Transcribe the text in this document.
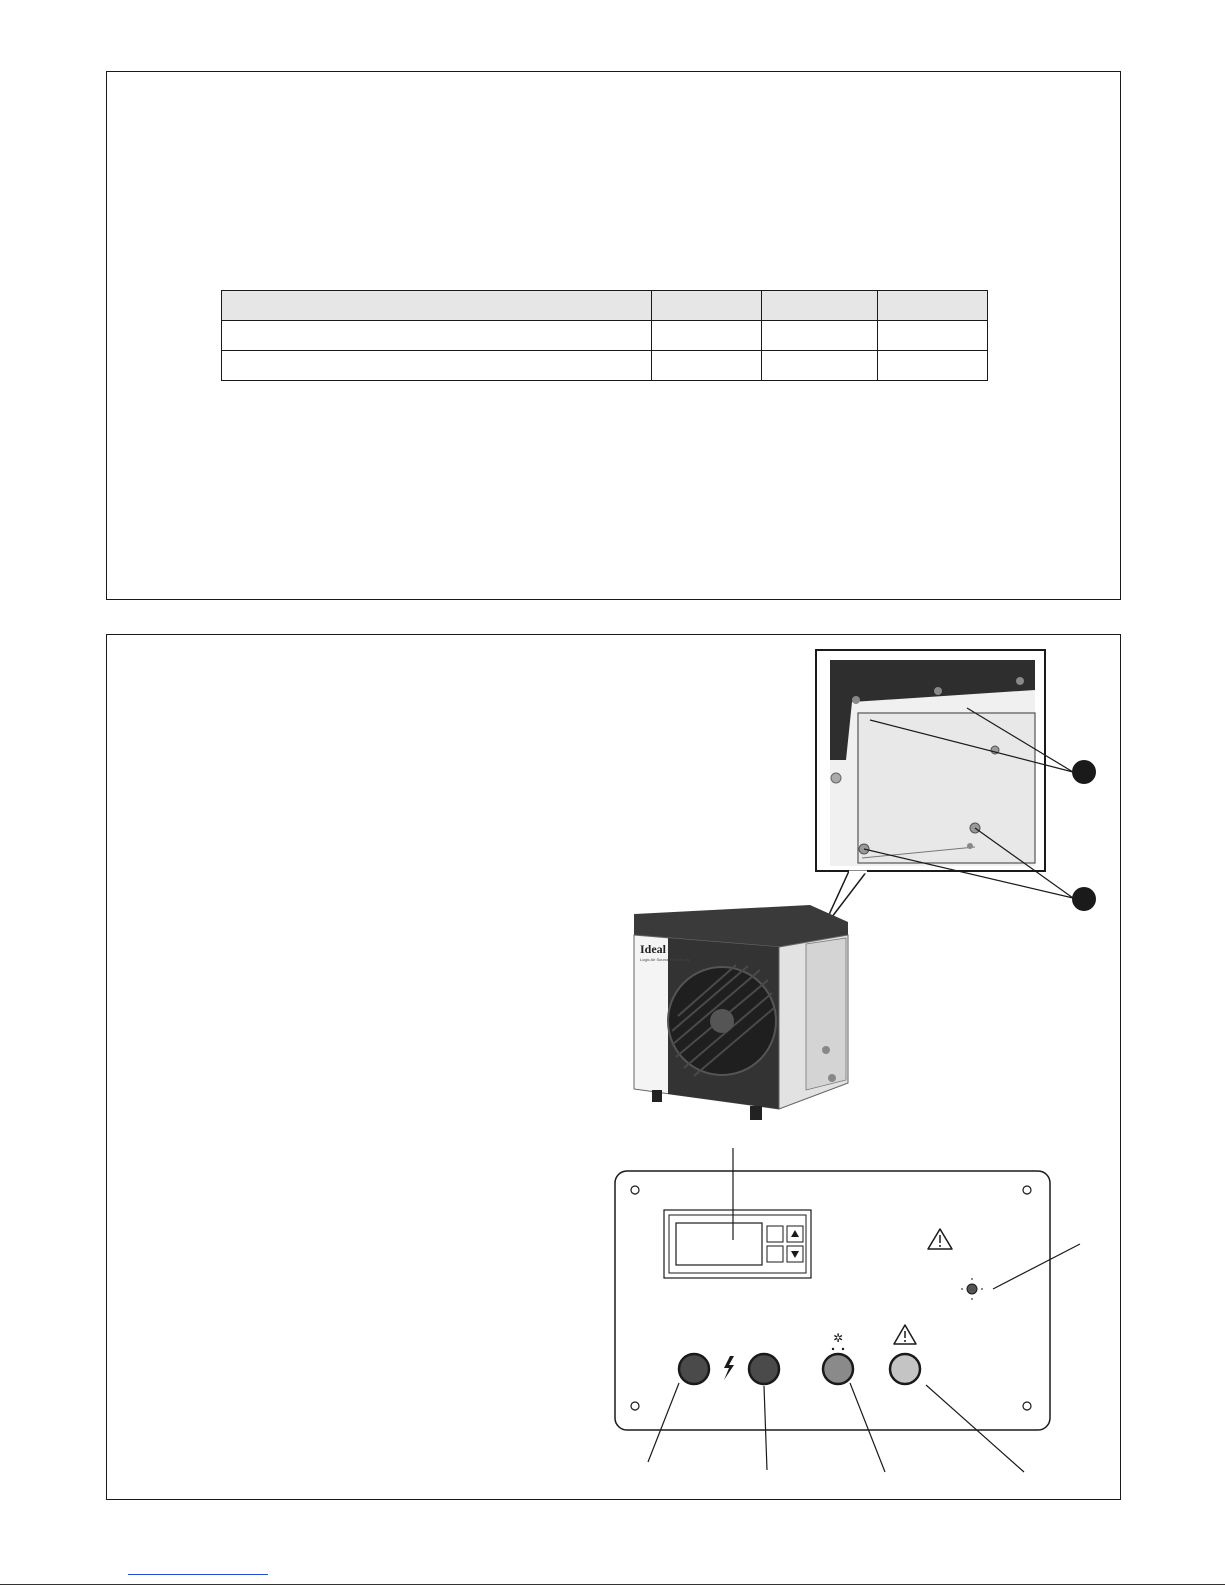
Ideal
Logic Air Source Heat Pump
✲
